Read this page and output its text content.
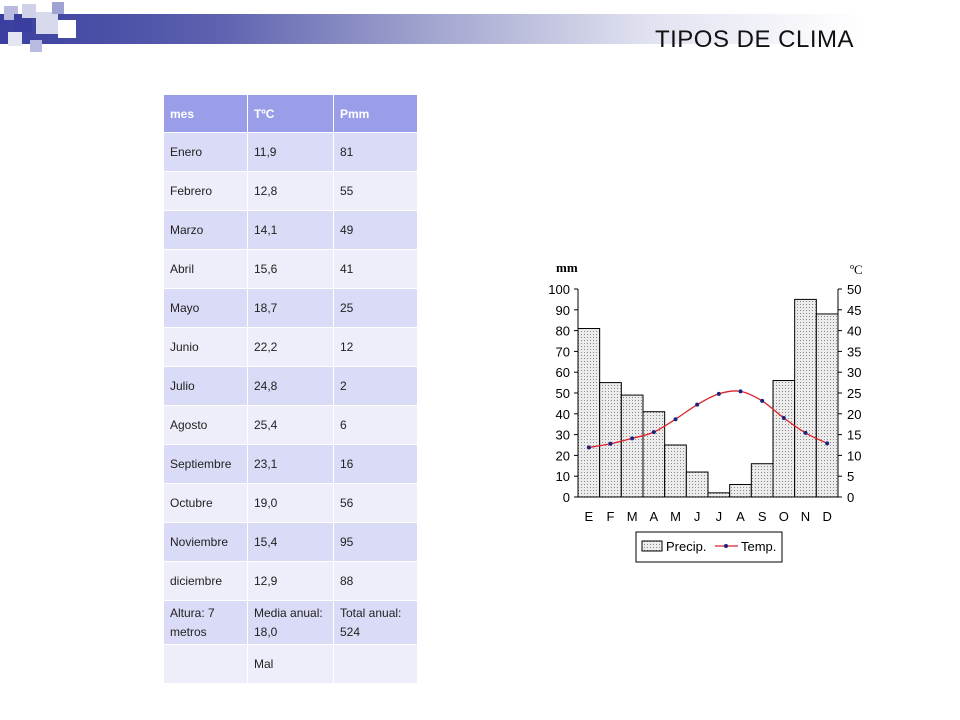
TIPOS DE CLIMA
mes	TºC	Pmm
Enero	11,9	81
Febrero	12,8	55
Marzo	14,1	49
Abril	15,6	41
Mayo	18,7	25
Junio	22,2	12
Julio	24,8	2
Agosto	25,4	6
Septiembre	23,1	16
Octubre	19,0	56
Noviembre	15,4	95
diciembre	12,9	88
Altura: 7 metros	Media anual: 18,0	Total anual: 524
	Mal	
0
10
20
30
40
50
60
70
80
90
100
0
5
10
15
20
25
30
35
40
45
50
E F M A M J J A S O N D
mm	ºC
Precip.	Temp.
